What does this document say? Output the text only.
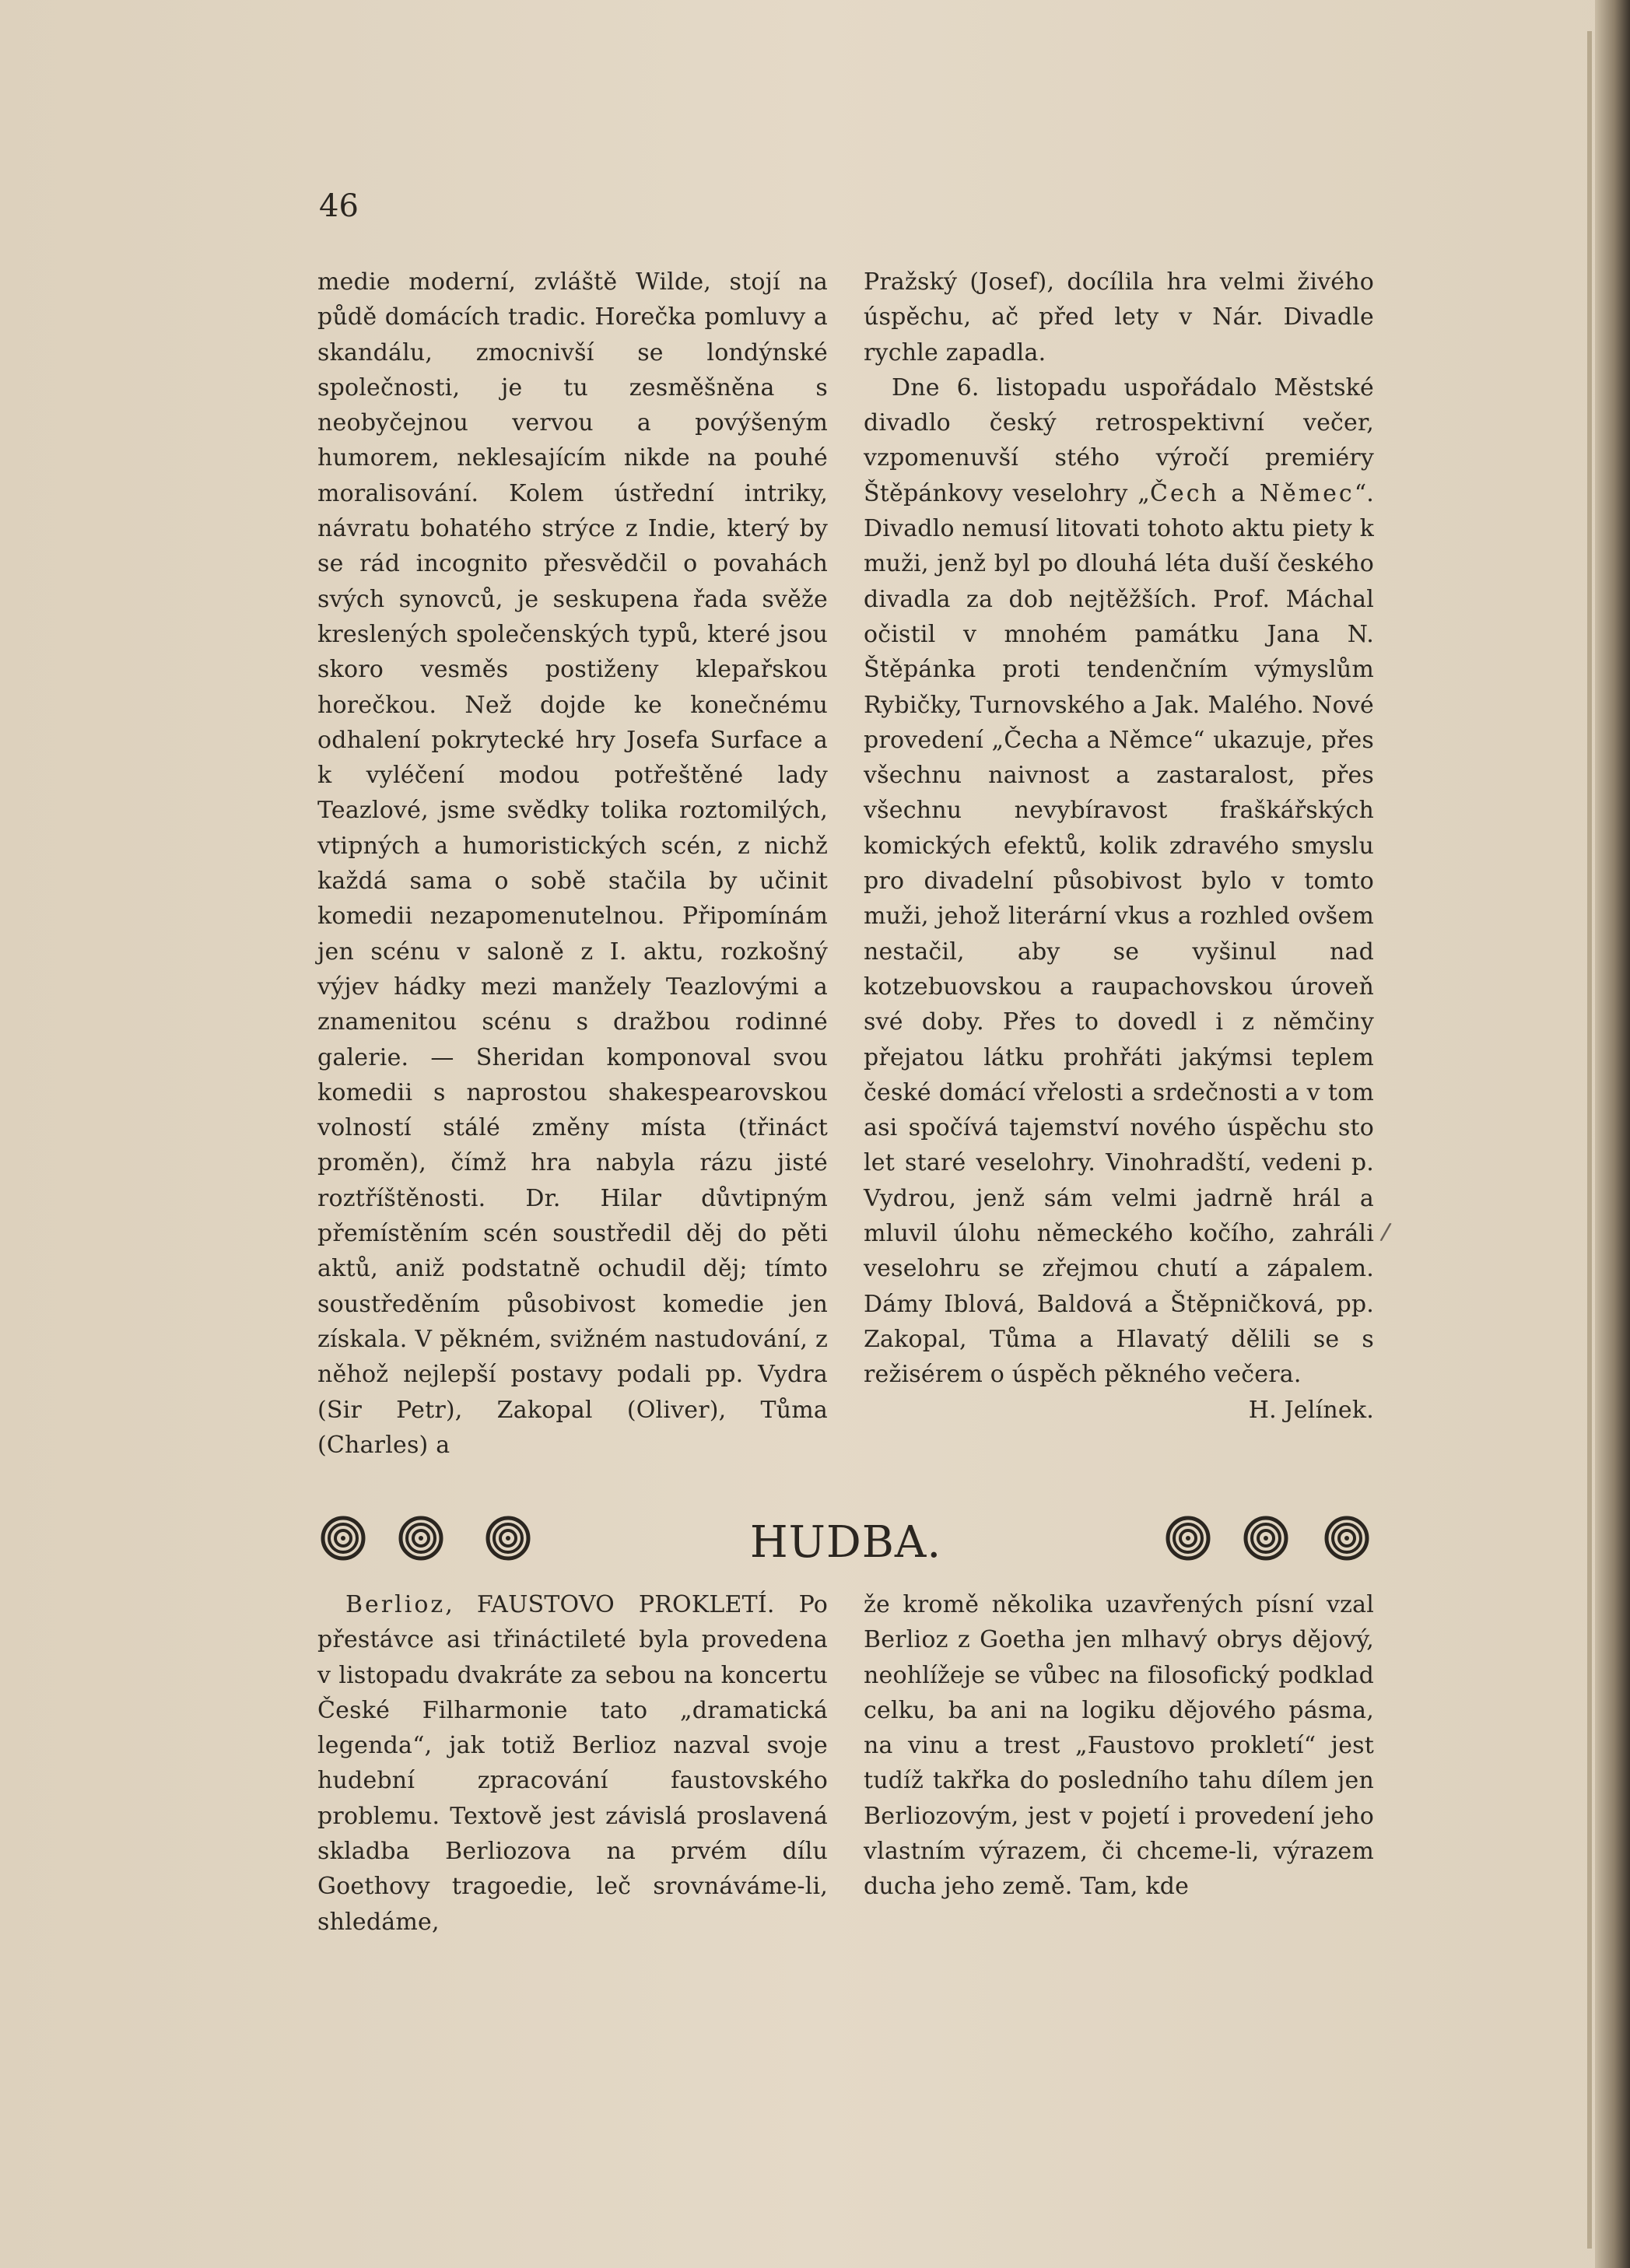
46

medie moderní, zvláště Wilde, stojí na půdě domácích tradic. Horečka pomluvy a skandálu, zmocnivší se londýnské společnosti, je tu zesměšněna s neobyčejnou vervou a povýšeným humorem, neklesajícím nikde na pouhé moralisování. Kolem ústřední intriky, návratu bohatého strýce z Indie, který by se rád incognito přesvědčil o povahách svých synovců, je seskupena řada svěže kreslených společenských typů, které jsou skoro vesměs postiženy klepařskou horečkou. Než dojde ke konečnému odhalení pokrytecké hry Josefa Surface a k vyléčení modou potřeštěné lady Teazlové, jsme svědky tolika roztomilých, vtipných a humoristických scén, z nichž každá sama o sobě stačila by učinit komedii nezapomenutelnou. Připomínám jen scénu v saloně z I. aktu, rozkošný výjev hádky mezi manžely Teazlovými a znamenitou scénu s dražbou rodinné galerie. — Sheridan komponoval svou komedii s naprostou shakespearovskou volností stálé změny místa (třináct proměn), čímž hra nabyla rázu jisté roztříštěnosti. Dr. Hilar důvtipným přemístěním scén soustředil děj do pěti aktů, aniž podstatně ochudil děj; tímto soustředěním působivost komedie jen získala. V pěkném, svižném nastudování, z něhož nejlepší postavy podali pp. Vydra (Sir Petr), Zakopal (Oliver), Tůma (Charles) a

Pražský (Josef), docílila hra velmi živého úspěchu, ač před lety v Nár. Divadle rychle zapadla.

Dne 6. listopadu uspořádalo Městské divadlo český retrospektivní večer, vzpomenuvší stého výročí premiéry Štěpánkovy veselohry „Čech a Němec“. Divadlo nemusí litovati tohoto aktu piety k muži, jenž byl po dlouhá léta duší českého divadla za dob nejtěžších. Prof. Máchal očistil v mnohém památku Jana N. Štěpánka proti tendenčním výmyslům Rybičky, Turnovského a Jak. Malého. Nové provedení „Čecha a Němce“ ukazuje, přes všechnu naivnost a zastaralost, přes všechnu nevybíravost fraškářských komických efektů, kolik zdravého smyslu pro divadelní působivost bylo v tomto muži, jehož literární vkus a rozhled ovšem nestačil, aby se vyšinul nad kotzebuovskou a raupachovskou úroveň své doby. Přes to dovedl i z němčiny přejatou látku prohřáti jakýmsi teplem české domácí vřelosti a srdečnosti a v tom asi spočívá tajemství nového úspěchu sto let staré veselohry. Vinohradští, vedeni p. Vydrou, jenž sám velmi jadrně hrál a mluvil úlohu německého kočího, zahráli veselohru se zřejmou chutí a zápalem. Dámy Iblová, Baldová a Štěpničková, pp. Zakopal, Tůma a Hlavatý dělili se s režisérem o úspěch pěkného večera.

H. Jelínek.

HUDBA.

Berlioz, FAUSTOVO PROKLETÍ. Po přestávce asi třináctileté byla provedena v listopadu dvakráte za sebou na koncertu České Filharmonie tato „dramatická legenda“, jak totiž Berlioz nazval svoje hudební zpracování faustovského problemu. Textově jest závislá proslavená skladba Berliozova na prvém dílu Goethovy tragoedie, leč srovnáváme-li, shledáme,

že kromě několika uzavřených písní vzal Berlioz z Goetha jen mlhavý obrys dějový, neohlížeje se vůbec na filosofický podklad celku, ba ani na logiku dějového pásma, na vinu a trest „Faustovo prokletí“ jest tudíž takřka do posledního tahu dílem jen Berliozovým, jest v pojetí i provedení jeho vlastním výrazem, či chceme-li, výrazem ducha jeho země. Tam, kde

/
